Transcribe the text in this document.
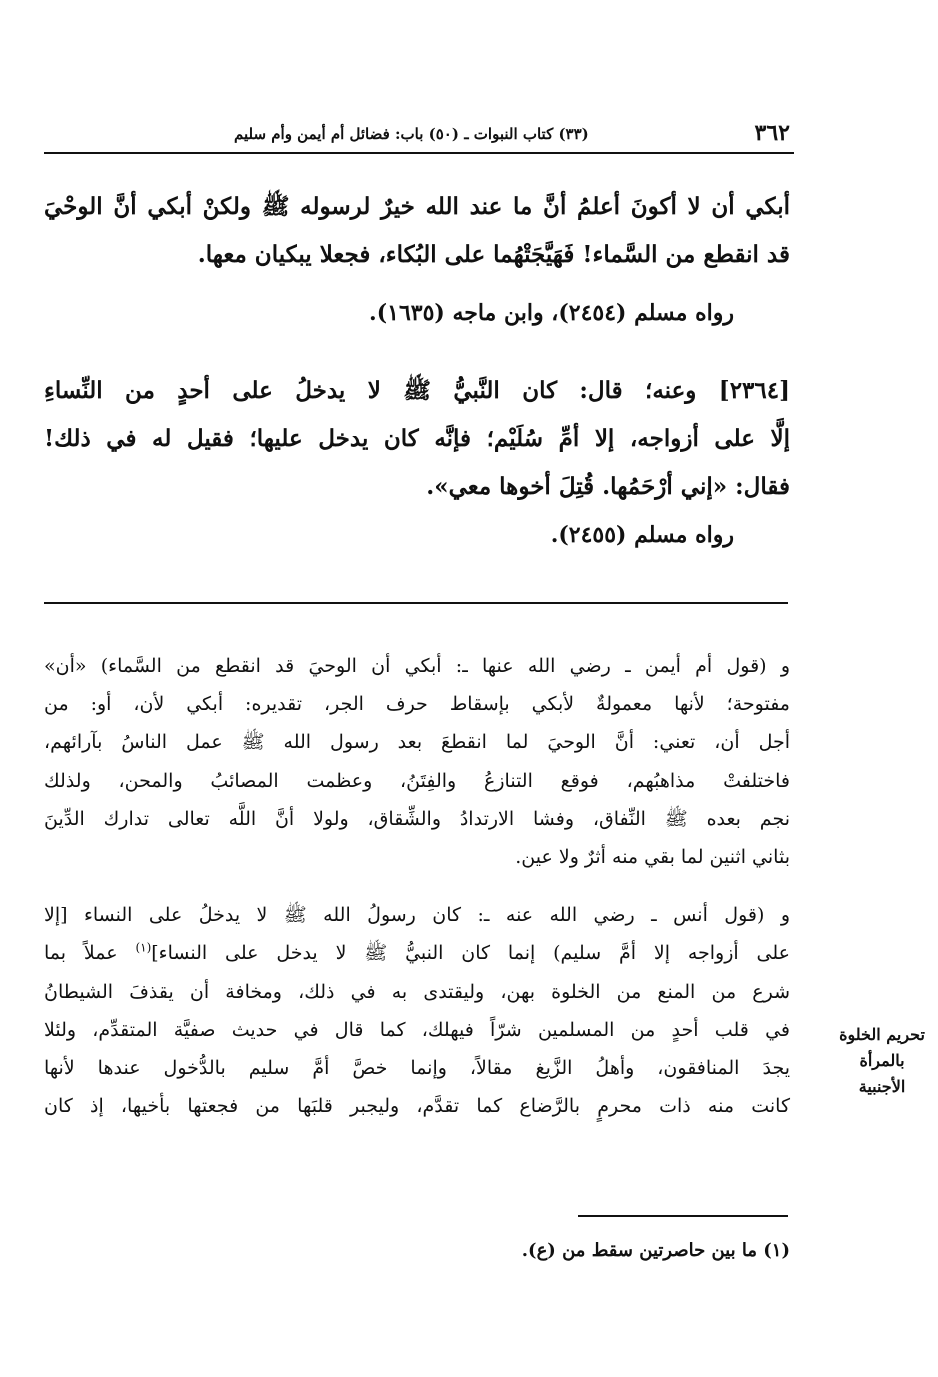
٣٦٢
(٣٣) كتاب النبوات ـ (٥٠) باب: فضائل أم أيمن وأم سليم
أبكي أن لا أكونَ أعلمُ أنَّ ما عند الله خيرٌ لرسوله ﷺ ولكنْ أبكي أنَّ الوحْيَ
قد انقطع من السَّماء! فَهَيَّجَتْهُما على البُكاء، فجعلا يبكيان معها.
رواه مسلم (٢٤٥٤)، وابن ماجه (١٦٣٥).
[٢٣٦٤] وعنه؛ قال: كان النَّبيُّ ﷺ لا يدخلُ على أحدٍ من النِّساءِ
إلَّا على أزواجه، إلا أمِّ سُلَيْم؛ فإنَّه كان يدخل عليها؛ فقيل له في ذلك!
فقال: «إني أرْحَمُها. قُتِلَ أخوها معي».
رواه مسلم (٢٤٥٥).
و (قول أم أيمن ـ رضي الله عنها ـ: أبكي أن الوحيَ قد انقطع من السَّماء) «أن»
مفتوحة؛ لأنها معمولةٌ لأبكي بإسقاط حرف الجر، تقديره: أبكي لأن، أو: من
أجل أن، تعني: أنَّ الوحيَ لما انقطعَ بعد رسول الله ﷺ عمل الناسُ بآرائهم،
فاختلفتْ مذاهبُهم، فوقع التنازعُ والفِتَنُ، وعظمت المصائبُ والمحن، ولذلك
نجم بعده ﷺ النِّفاق، وفشا الارتدادُ والشِّقاق، ولولا أنَّ اللَّه تعالى تدارك الدِّينَ
بثاني اثنين لما بقي منه أثرٌ ولا عين.
و (قول أنس ـ رضي الله عنه ـ: كان رسولُ الله ﷺ لا يدخلُ على النساء [إلا
على أزواجه إلا أمَّ سليم) إنما كان النبيُّ ﷺ لا يدخل على النساء]$^{(١)}$ عملاً بما
شرع من المنع من الخلوة بهن، وليقتدى به في ذلك، ومخافة أن يقذفَ الشيطانُ
في قلب أحدٍ من المسلمين شرّاً فيهلك، كما قال في حديث صفيَّة المتقدِّم، ولئلا
يجدَ المنافقون، وأهلُ الزَّيغ مقالاً، وإنما خصَّ أمَّ سليم بالدُّخول عندها لأنها
كانت منه ذات محرمٍ بالرَّضاع كما تقدَّم، وليجبر قلبَها من فجعتها بأخيها، إذ كان
تحريم الخلوة
بالمرأة
الأجنبية
(١) ما بين حاصرتين سقط من (ع).
